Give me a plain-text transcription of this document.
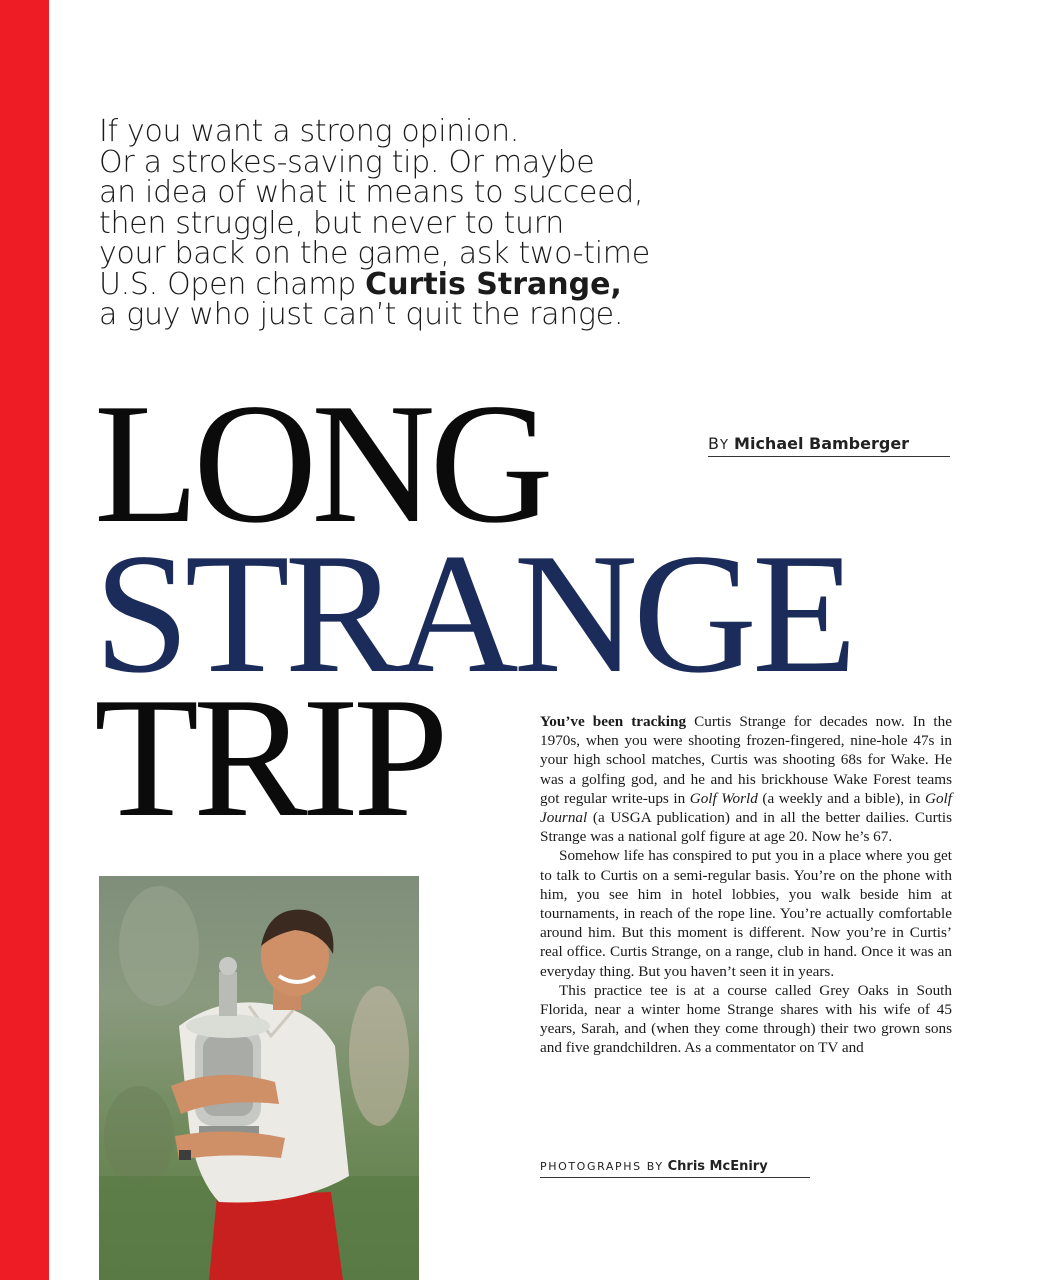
If you want a strong opinion.
Or a strokes-saving tip. Or maybe
an idea of what it means to succeed,
then struggle, but never to turn
your back on the game, ask two-time
U.S. Open champ Curtis Strange,
a guy who just can’t quit the range.
LONG
STRANGE
TRIP
BY Michael Bamberger

You’ve been tracking Curtis Strange for decades now. In the 1970s, when you were shooting frozen-fingered, nine-hole 47s in your high school matches, Curtis was shooting 68s for Wake. He was a golfing god, and he and his brickhouse Wake Forest teams got regular write-ups in Golf World (a weekly and a bible), in Golf Journal (a USGA publication) and in all the better dailies. Curtis Strange was a national golf figure at age 20. Now he’s 67.

Somehow life has conspired to put you in a place where you get to talk to Curtis on a semi-regular basis. You’re on the phone with him, you see him in hotel lobbies, you walk beside him at tournaments, in reach of the rope line. You’re actually comfortable around him. But this moment is different. Now you’re in Curtis’ real office. Curtis Strange, on a range, club in hand. Once it was an everyday thing. But you haven’t seen it in years.

This practice tee is at a course called Grey Oaks in South Florida, near a winter home Strange shares with his wife of 45 years, Sarah, and (when they come through) their two grown sons and five grandchildren. As a commentator on TV and

PHOTOGRAPHS BY Chris McEniry
